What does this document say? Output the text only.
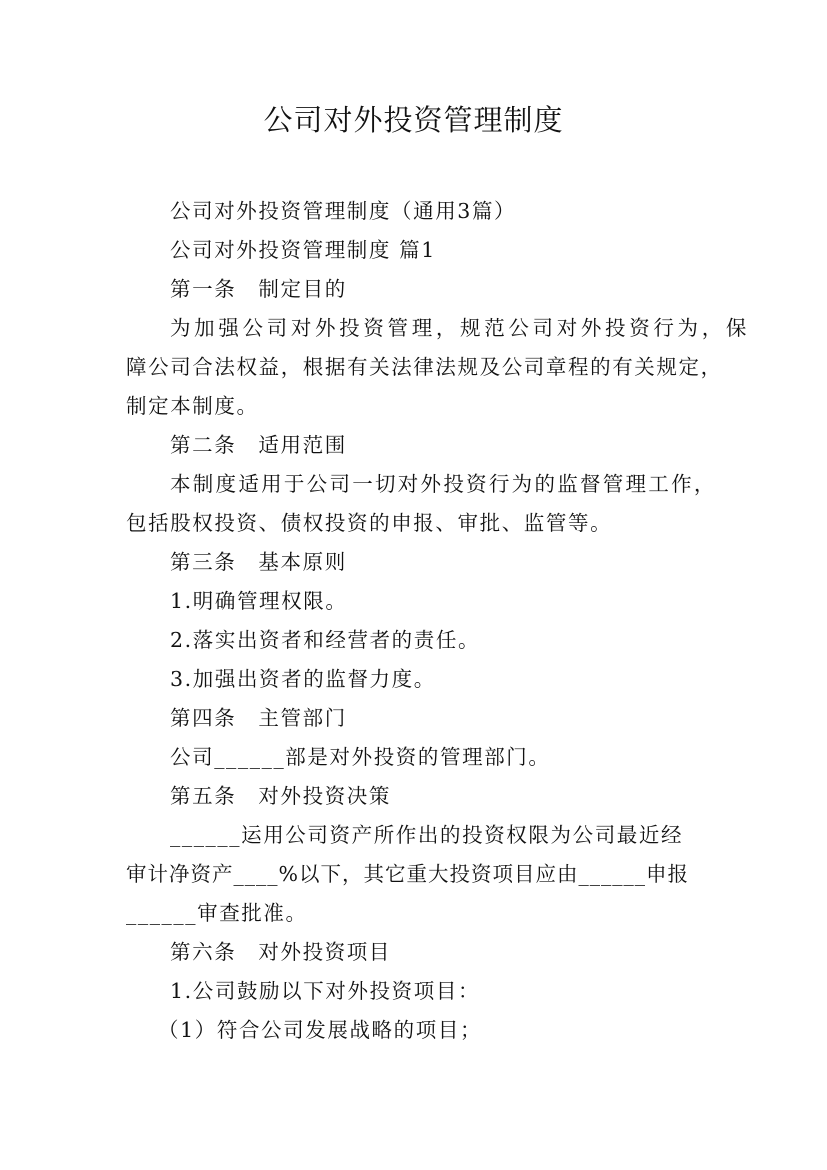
公司对外投资管理制度
公司对外投资管理制度（通用3篇）
公司对外投资管理制度 篇1
第一条　制定目的
为加强公司对外投资管理，规范公司对外投资行为，保
障公司合法权益，根据有关法律法规及公司章程的有关规定，
制定本制度。
第二条　适用范围
本制度适用于公司一切对外投资行为的监督管理工作，
包括股权投资、债权投资的申报、审批、监管等。
第三条　基本原则
1.明确管理权限。
2.落实出资者和经营者的责任。
3.加强出资者的监督力度。
第四条　主管部门
公司______部是对外投资的管理部门。
第五条　对外投资决策
______运用公司资产所作出的投资权限为公司最近经
审计净资产____%以下，其它重大投资项目应由______申报
______审查批准。
第六条　对外投资项目
1.公司鼓励以下对外投资项目：
（1）符合公司发展战略的项目；
